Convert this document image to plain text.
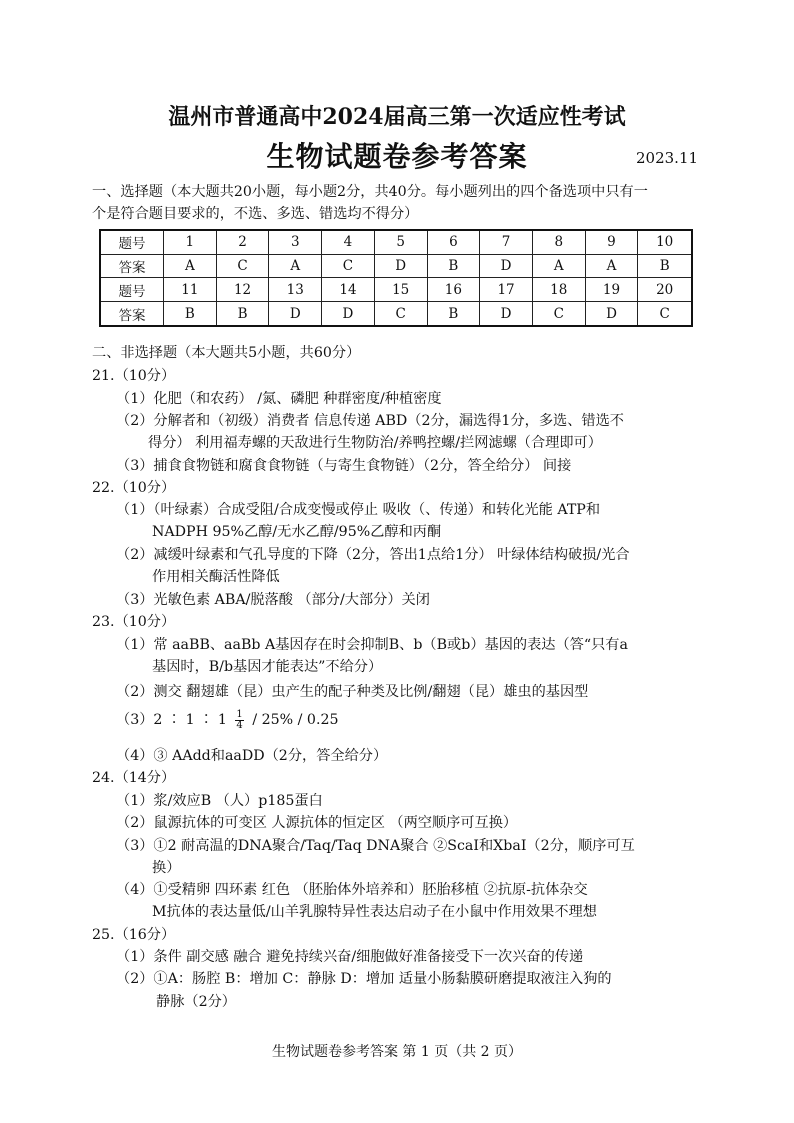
温州市普通高中2024届高三第一次适应性考试
生物试题卷参考答案	2023.11
一、选择题（本大题共20小题，每小题2分，共40分。每小题列出的四个备选项中只有一
个是符合题目要求的，不选、多选、错选均不得分）
题号	1	2	3	4	5	6	7	8	9	10
答案	A	C	A	C	D	B	D	A	A	B
题号	11	12	13	14	15	16	17	18	19	20
答案	B	B	D	D	C	B	D	C	D	C
二、非选择题（本大题共5小题，共60分）
21.（10分）
（1）化肥（和农药） /氮、磷肥 种群密度/种植密度
（2）分解者和（初级）消费者 信息传递 ABD（2分，漏选得1分，多选、错选不
得分） 利用福寿螺的天敌进行生物防治/养鸭控螺/拦网滤螺（合理即可）
（3）捕食食物链和腐食食物链（与寄生食物链）（2分，答全给分） 间接
22.（10分）
（1）（叶绿素）合成受阻/合成变慢或停止 吸收（、传递）和转化光能 ATP和
NADPH 95%乙醇/无水乙醇/95%乙醇和丙酮
（2）减缓叶绿素和气孔导度的下降（2分，答出1点给1分） 叶绿体结构破损/光合
作用相关酶活性降低
（3）光敏色素 ABA/脱落酸 （部分/大部分）关闭
23.（10分）
（1）常 aaBB、aaBb A基因存在时会抑制B、b（B或b）基因的表达（答“只有a
基因时，B/b基因才能表达”不给分）
（2）测交 翻翅雄（昆）虫产生的配子种类及比例/翻翅（昆）雄虫的基因型
（3）2 ∶ 1 ∶ $1 \frac{1}{4} / 25\% / 0.25$
（4）③ AAdd和aaDD（2分，答全给分）
24.（14分）
（1）浆/效应B （人）p185蛋白
（2）鼠源抗体的可变区 人源抗体的恒定区 （两空顺序可互换）
（3）①2 耐高温的DNA聚合/Taq/Taq DNA聚合 ②ScaⅠ和XbaⅠ（2分，顺序可互
换）
（4）①受精卵 四环素 红色 （胚胎体外培养和）胚胎移植 ②抗原-抗体杂交
M抗体的表达量低/山羊乳腺特异性表达启动子在小鼠中作用效果不理想
25.（16分）
（1）条件 副交感 融合 避免持续兴奋/细胞做好准备接受下一次兴奋的传递
（2）①A：肠腔 B：增加 C：静脉 D：增加 适量小肠黏膜研磨提取液注入狗的
静脉（2分）
生物试题卷参考答案 第 1 页（共 2 页）
